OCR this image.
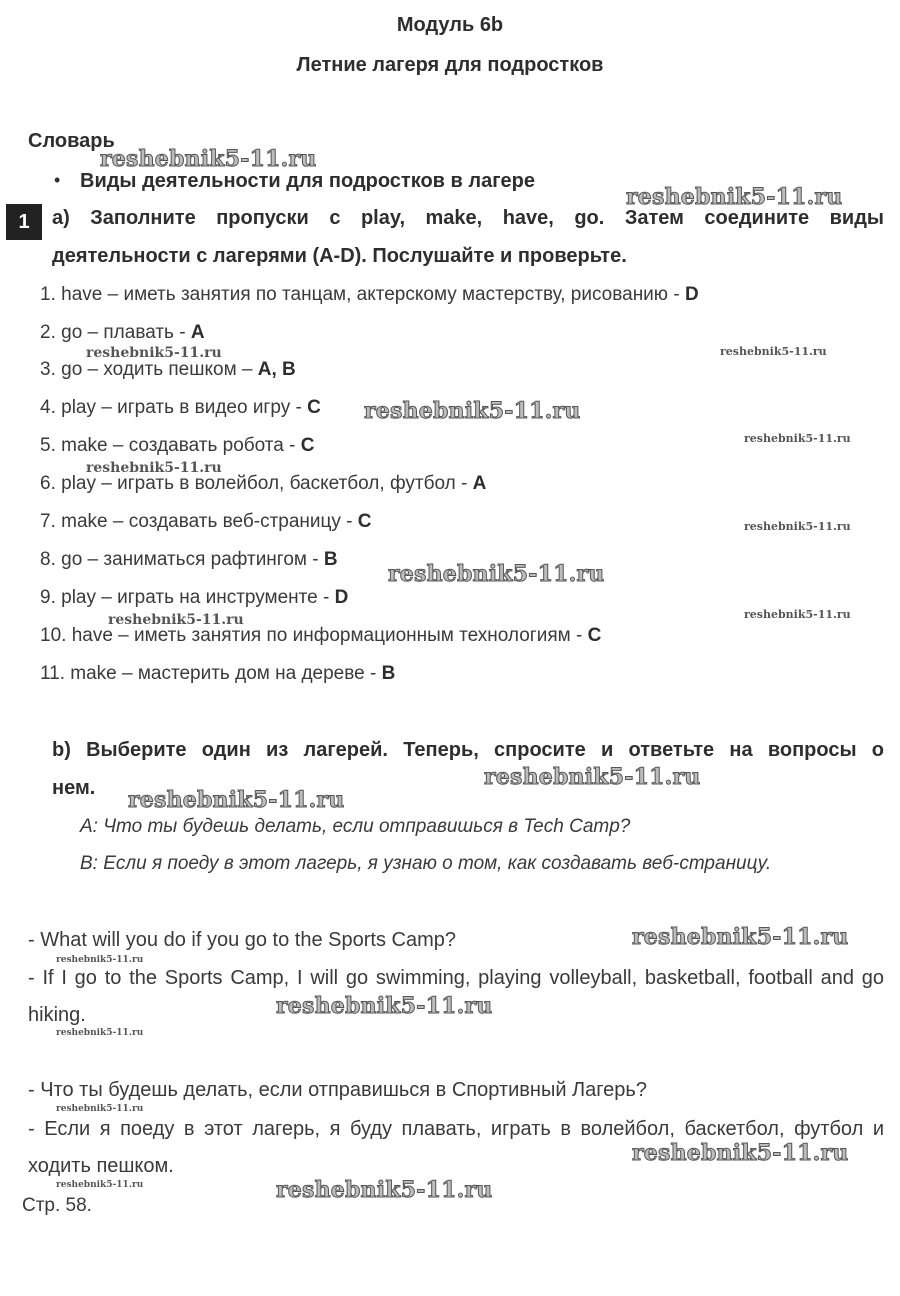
Модуль 6b
Летние лагеря для подростков
Словарь
• Виды деятельности для подростков в лагере
1	а) Заполните пропуски с play, make, have, go. Затем соедините виды
деятельности с лагерями (A-D). Послушайте и проверьте.
1. have – иметь занятия по танцам, актерскому мастерству, рисованию - D
2. go – плавать - A
3. go – ходить пешком – A, B
4. play – играть в видео игру - C
5. make – создавать робота - C
6. play – играть в волейбол, баскетбол, футбол - A
7. make – создавать веб-страницу - C
8. go – заниматься рафтингом - B
9. play – играть на инструменте - D
10. have – иметь занятия по информационным технологиям - C
11. make – мастерить дом на дереве - B
b) Выберите один из лагерей. Теперь, спросите и ответьте на вопросы о
нем.
A: Что ты будешь делать, если отправишься в Tech Camp?
B: Если я поеду в этот лагерь, я узнаю о том, как создавать веб-страницу.
- What will you do if you go to the Sports Camp?
- If I go to the Sports Camp, I will go swimming, playing volleyball, basketball, football and go hiking.
- Что ты будешь делать, если отправишься в Спортивный Лагерь?
- Если я поеду в этот лагерь, я буду плавать, играть в волейбол, баскетбол, футбол и ходить пешком.
Стр. 58.
reshebnik5-11.ru
reshebnik5-11.ru
reshebnik5-11.ru
reshebnik5-11.ru
reshebnik5-11.ru
reshebnik5-11.ru
reshebnik5-11.ru
reshebnik5-11.ru
reshebnik5-11.ru
reshebnik5-11.ru
reshebnik5-11.ru	reshebnik5-11.ru
reshebnik5-11.ru
reshebnik5-11.ru
reshebnik5-11.ru
reshebnik5-11.ru
reshebnik5-11.ru
reshebnik5-11.ru
reshebnik5-11.ru
reshebnik5-11.ru
reshebnik5-11.ru
